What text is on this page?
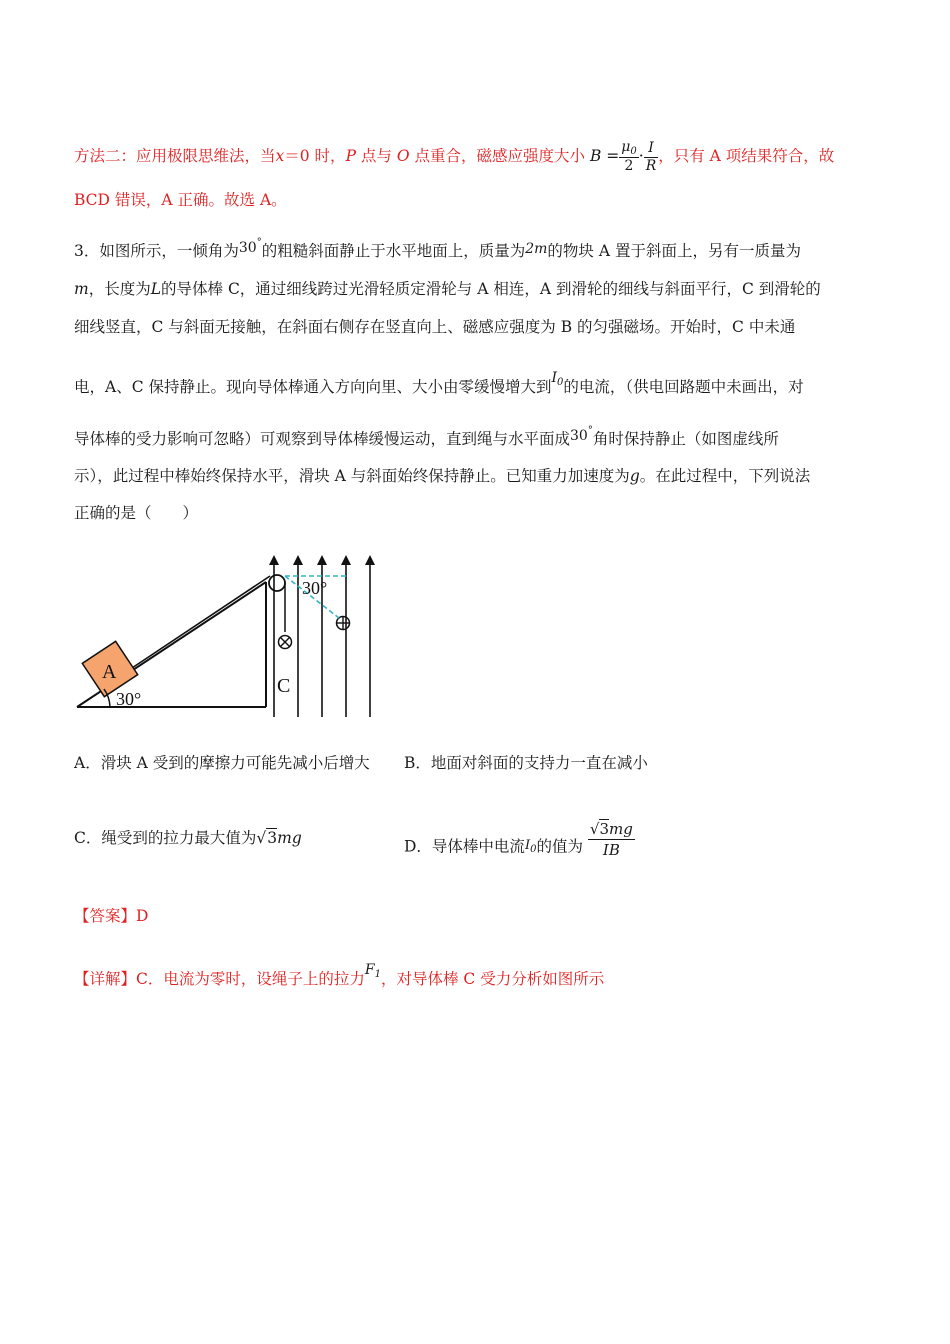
方法二：应用极限思维法，当x＝0 时，P 点与 O 点重合，磁感应强度大小 $B = \frac{\mu_0}{2} \cdot \frac{I}{R}$ ，只有 A 项结果符合，故
BCD 错误，A 正确。故选 A。
3．如图所示，一倾角为30°的粗糙斜面静止于水平地面上，质量为2m的物块 A 置于斜面上，另有一质量为
m，长度为L的导体棒 C，通过细线跨过光滑轻质定滑轮与 A 相连，A 到滑轮的细线与斜面平行，C 到滑轮的
细线竖直，C 与斜面无接触，在斜面右侧存在竖直向上、磁感应强度为 B 的匀强磁场。开始时，C 中未通
电，A、C 保持静止。现向导体棒通入方向向里、大小由零缓慢增大到$I_0$的电流，（供电回路题中未画出，对
导体棒的受力影响可忽略）可观察到导体棒缓慢运动，直到绳与水平面成30°角时保持静止（如图虚线所
示），此过程中棒始终保持水平，滑块 A 与斜面始终保持静止。已知重力加速度为g。在此过程中，下列说法
正确的是（　　）
A
30°
30°
C
A．滑块 A 受到的摩擦力可能先减小后增大 B．地面对斜面的支持力一直在减小
C．绳受到的拉力最大值为√3mg	D．导体棒中电流$I_0$的值为 $\frac{√3mg}{IB}$
【答案】D
【详解】C．电流为零时，设绳子上的拉力$F_1$，对导体棒 C 受力分析如图所示
